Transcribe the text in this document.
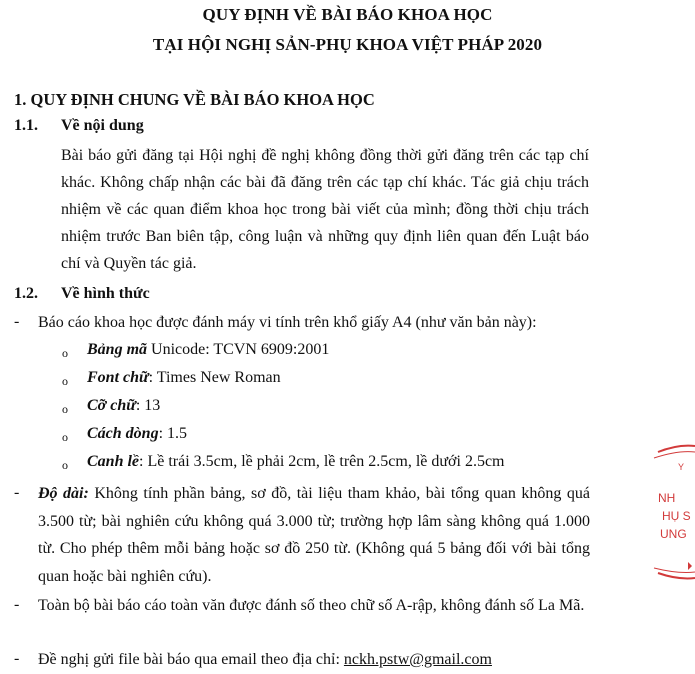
QUY ĐỊNH VỀ BÀI BÁO KHOA HỌC
TẠI HỘI NGHỊ SẢN-PHỤ KHOA VIỆT PHÁP 2020
1. QUY ĐỊNH CHUNG VỀ BÀI BÁO KHOA HỌC
1.1. Về nội dung
Bài báo gửi đăng tại Hội nghị đề nghị không đồng thời gửi đăng trên các tạp chí khác. Không chấp nhận các bài đã đăng trên các tạp chí khác. Tác giả chịu trách nhiệm về các quan điểm khoa học trong bài viết của mình; đồng thời chịu trách nhiệm trước Ban biên tập, công luận và những quy định liên quan đến Luật báo chí và Quyền tác giả.
1.2. Về hình thức
- Báo cáo khoa học được đánh máy vi tính trên khổ giấy A4 (như văn bản này):
o Bảng mã Unicode: TCVN 6909:2001
o Font chữ: Times New Roman
o Cỡ chữ: 13
o Cách dòng: 1.5
o Canh lề: Lề trái 3.5cm, lề phải 2cm, lề trên 2.5cm, lề dưới 2.5cm
- Độ dài: Không tính phần bảng, sơ đồ, tài liệu tham khảo, bài tổng quan không quá 3.500 từ; bài nghiên cứu không quá 3.000 từ; trường hợp lâm sàng không quá 1.000 từ. Cho phép thêm mỗi bảng hoặc sơ đồ 250 từ. (Không quá 5 bảng đối với bài tổng quan hoặc bài nghiên cứu).
- Toàn bộ bài báo cáo toàn văn được đánh số theo chữ số A-rập, không đánh số La Mã.
- Đề nghị gửi file bài báo qua email theo địa chỉ: nckh.pstw@gmail.com
Y
NH
HỤ S
UNG
